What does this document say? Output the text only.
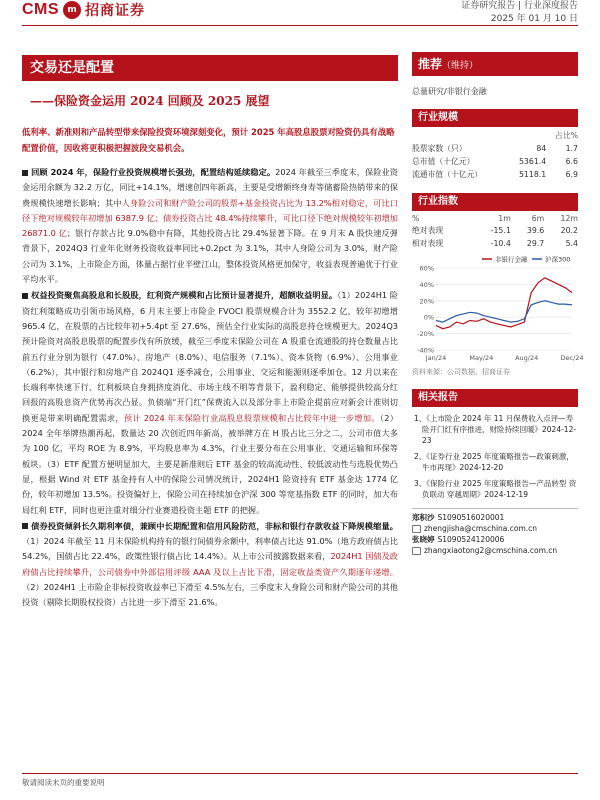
CMS m 招商证券	证券研究报告 | 行业深度报告
2025 年 01 月 10 日
交易还是配置
——保险资金运用 2024 回顾及 2025 展望
低利率、新准则和产品转型带来保险投资环境深刻变化，预计 2025 年高股息股票对险资仍具有战略配置价值，因收将更积极把握波段交易机会。

回顾 2024 年，保险行业投资规模增长强劲，配置结构延续稳定。2024 年截至三季度末，保险业资金运用余额为 32.2 万亿，同比+14.1%，增速创四年新高，主要是受增额终身寿等储蓄险热销带来的保费规模快速增长影响；其中人身险公司和财产险公司的股票+基金投资占比为 13.2%相对稳定，可比口径下绝对规模较年初增加 6387.9 亿；债券投资占比 48.4%持续攀升，可比口径下绝对规模较年初增加 26871.0 亿；银行存款占比 9.0%稳中有降，其他投资占比 29.4%显著下降。在 9 月末 A 股快速反弹背景下，2024Q3 行业年化财务投资收益率同比+0.2pct 为 3.1%，其中人身险公司为 3.0%，财产险公司为 3.1%，上市险企方面，体量占据行业半壁江山，整体投资风格更加保守，收益表现普遍优于行业平均水平。

权益投资聚焦高股息和长股股，红利资产规模和占比预计显著提升，超额收益明显。（1）2024H1 险资红利策略成功引领市场风格，6 月末主要上市险企 FVOCI 股票规模合计为 3552.2 亿，较年初增增 965.4 亿，在股票的占比较年初+5.4pt 至 27.6%，预估全行业实际的高股息持仓规模更大。2024Q3 预计险资对高股息股票的配置步伐有所放缓，截至三季度末保险公司在 A 股重仓流通股的持仓数量占比前五行业分别为银行（47.0%）、房地产（8.0%）、电信服务（7.1%）、资本货物（6.9%）、公用事业（6.2%），其中银行和房地产自 2024Q1 逐季减仓，公用事业、交运和能源则逐季加仓。12 月以来在长端利率快速下行、红利板块自身拥挤度消化、市场主线不明等背景下，盈利稳定、能够提供较高分红回报的高股息资产优势再次凸显。负债端“开门红”保费流入以及部分非上市险企提前应对新会计准则切换更是带来明确配置需求，预计 2024 年末保险行业高股息股票规模和占比较年中进一步增加。（2）2024 全年举牌热潮再起，数量达 20 次创近四年新高，被举牌方在 H 股占比三分之二，公司市值大多为 100 亿，平均 ROE 为 8.9%，平均股息率为 4.3%，行业主要分布在公用事业、交通运输和环保等板块。（3）ETF 配置方便明显加大，主要是新准则后 ETF 基金的较高流动性、较低波动性与选股优势凸显，根据 Wind 对 ETF 基金持有人中的保险公司情况统计，2024H1 险资持有 ETF 基金达 1774 亿份，较年初增加 13.5%。投资偏好上，保险公司在持续加仓沪深 300 等宽基指数 ETF 的同时，加大布局红利 ETF，同时也更注重对细分行业赛道投资主题 ETF 的把握。

债券投资倾斜长久期利率债，兼顾中长期配置和信用风险防范，非标和银行存款收益下降规模缩量。（1）2024 年截至 11 月末保险机构持有的银行间债券余额中，利率债占比达 91.0%（地方政府债占比 54.2%，国债占比 22.4%，政策性银行债占比 14.4%）。从上市公司披露数据来看，2024H1 国债及政府债占比持续攀升，公司债券中外部信用评级 AAA 及以上占比下滑，固定收益类资产久期逐年递增。（2）2024H1 上市险企非标投资收益率已下滑至 4.5%左右，三季度末人身险公司和财产险公司的其他投资（剔除长期股权投资）占比进一步下滑至 21.6%。

推荐（维持）
总量研究/非银行金融
行业规模
		占比%
股票家数（只）	84	1.7
总市值（十亿元）	5361.4	6.6
流通市值（十亿元）	5118.1	6.9
行业指数
%	1m	6m	12m
绝对表现	-15.1	39.6	20.2
相对表现	-10.4	29.7	5.4
60%
40%
20%
0%
-20%
-40%
Jan/24	May/24	Aug/24	Dec/24
非银行金融	沪深300
资料来源：公司数据、招商证券
相关报告
1、《上市险企 2024 年 11 月保费收入点评—寿险开门红有序推进，财险持续回暖》2024-12-23
2、《证券行业 2025 年度策略报告—政策刺激，牛市再现》2024-12-20
3、《保险行业 2025 年度策略报告—产品转型 资负联动 穿越周期》2024-12-19
郑积沙 S1090516020001
zhengjisha@cmschina.com.cn
张晓婷 S1090524120006
zhangxiaotong2@cmschina.com.cn
敬请阅读末页的重要说明
